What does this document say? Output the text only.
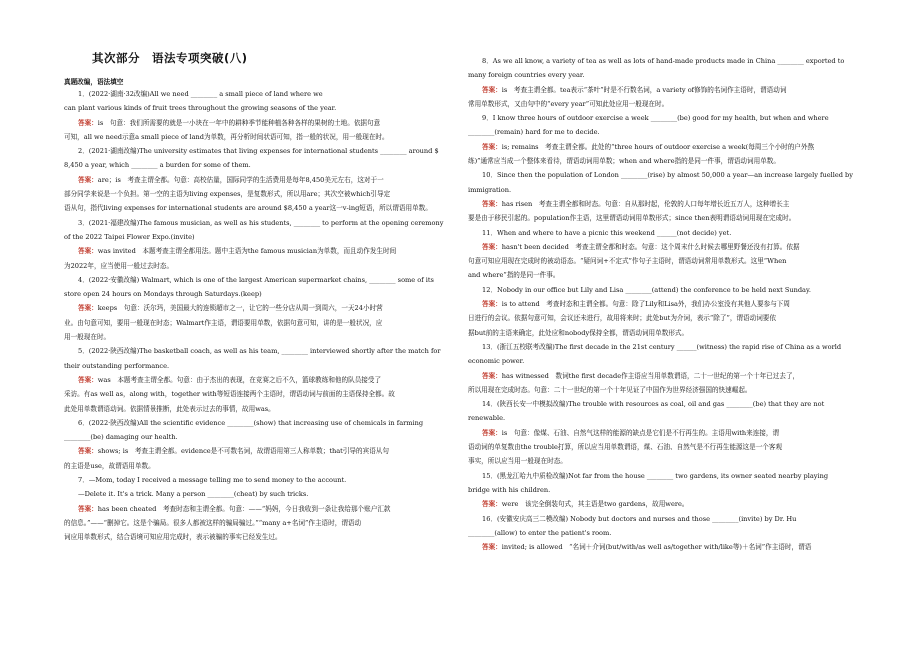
其次部分　语法专项突破(八)
真题改编，语法填空

1．(2022·湖南·32改编)All we need ________ a small piece of land where we

can plant various kinds of fruit trees throughout the growing seasons of the year.

答案：is　句意：我们所需要的就是一小块在一年中的耕种季节能种植各种各样的果树的土地。依据句意

可知，all we need示意a small piece of land为单数，再分析时间状语可知，指一般的状况，用一般现在时。

2．(2021·湖南改编)The university estimates that living expenses for international students ________ around $

8,450 a year, which ________ a burden for some of them.

答案：are；is　考查主谓全都。句意：高校估量，国际同学的生活费用是每年8,450美元左右，这对于一

部分同学来说是一个负担。第一空的主语为living expenses，是复数形式，所以用are；其次空被which引导定

语从句，指代living expenses for international students are around $8,450 a year这一v-ing短语，所以谓语用单数。

3．(2021·福建改编)The famous musician, as well as his students, ________ to perform at the opening ceremony

of the 2022 Taipei Flower Expo.(invite)

答案：was invited　本题考查主谓全都用法。题中主语为the famous musician为单数，而且动作发生时间

为2022年，应当使用一般过去时态。

4．(2022·安徽改编) Walmart, which is one of the largest American supermarket chains, ________ some of its

store open 24 hours on Mondays through Saturdays.(keep)

答案：keeps　句意：沃尔玛，美国最大的连锁超市之一，让它的一些分店从周一到周六，一天24小时营

业。由句意可知，要用一般现在时态；Walmart作主语，谓语要用单数，依据句意可知，讲的是一般状况，应

用一般现在时。

5．(2022·陕西改编)The basketball coach, as well as his team, ________ interviewed shortly after the match for

their outstanding performance.

答案：was　本题考查主谓全都。句意：由于杰出的表现，在竞赛之后不久，篮球教练和他的队员接受了

采访。有as well as，along with，together with等短语连接两个主语时，谓语动词与前面的主语保持全都。故

此处用单数谓语动词。依据情景推断，此处表示过去的事情，故用was。

6．(2022·陕西改编)All the scientific evidence ________(show) that increasing use of chemicals in farming

________(be) damaging our health.

答案：shows; is　考查主谓全都。evidence是不可数名词，故谓语用第三人称单数；that引导的宾语从句

的主语是use，故谓语用单数。

7．—Mom, today I received a message telling me to send money to the account.

—Delete it. It's a trick. Many a person ________(cheat) by such tricks.

答案：has been cheated　考查时态和主谓全都。句意：——“妈妈，今日我收到一条让我给那个账户汇款

的信息。”——“删掉它。这是个骗局。很多人都被这样的骗局骗过。”“many a+名词”作主语时，谓语动

词应用单数形式，结合语境可知应用完成时，表示被骗的事实已经发生过。

8．As we all know, a variety of tea as well as lots of hand-made products made in China ________ exported to

many foreign countries every year.

答案：is　考查主谓全都。tea表示“茶叶”时是不行数名词，a variety of修饰的名词作主语时，谓语动词

常用单数形式，又由句中的“every year”可知此处应用一般现在时。

9．I know three hours of outdoor exercise a week ________(be) good for my health, but when and where

________(remain) hard for me to decide.

答案：is; remains　考查主谓全都。此处的“three hours of outdoor exercise a week(每周三个小时的户外熬

练)”通常应当成一个整体来看待，谓语动词用单数；when and where指的是同一件事，谓语动词用单数。

10．Since then the population of London ________(rise) by almost 50,000 a year—an increase largely fuelled by

immigration.

答案：has risen　考查主谓全都和时态。句意：自从那时起，伦敦的人口每年增长近五万人，这种增长主

要是由于移民引起的。population作主语，这里谓语动词用单数形式；since then表明谓语动词用现在完成时。

11．When and where to have a picnic this weekend ______(not decide) yet.

答案：hasn't been decided　考查主谓全都和时态。句意：这个周末什么时候去哪里野餐还没有打算。依据

句意可知应用现在完成时的被动语态。“疑问词+不定式”作句子主语时，谓语动词常用单数形式。这里“When

and where”指的是同一件事。

12．Nobody in our office but Lily and Lisa ________(attend) the conference to be held next Sunday.

答案：is to attend　考查时态和主谓全都。句意：除了Lily和Lisa外，我们办公室没有其他人要参与下周

日进行的会议。依据句意可知，会议还未进行，故用将来时；此处but为介词，表示“除了”，谓语动词要依

据but前的主语来确定，此处应和nobody保持全都，谓语动词用单数形式。

13．(浙江五校联考改编)The first decade in the 21st century ______(witness) the rapid rise of China as a world

economic power.

答案：has witnessed　数词the first decade作主语应当用单数谓语，二十一世纪的第一个十年已过去了，

所以用现在完成时态。句意：二十一世纪的第一个十年见证了中国作为世界经济强国的快速崛起。

14．(陕西长安一中模拟改编)The trouble with resources as coal, oil and gas ________(be) that they are not

renewable.

答案：is　句意：像煤、石油、自然气这样的能源的缺点是它们是不行再生的。主语用with来连接，谓

语动词的单复数由the trouble打算，所以应当用单数谓语，煤、石油、自然气是不行再生能源这是一个客观

事实，所以应当用一般现在时态。

15．(黑龙江哈九中质检改编)Not far from the house ________ two gardens, its owner seated nearby playing

bridge with his children.

答案：were　该完全倒装句式，其主语是two gardens，故用were。

16．(安徽安庆高三二模改编) Nobody but doctors and nurses and those ________(invite) by Dr. Hu

________(allow) to enter the patient's room.

答案：invited; is allowed　“名词＋介词(but/with/as well as/together with/like等)＋名词”作主语时，谓语
